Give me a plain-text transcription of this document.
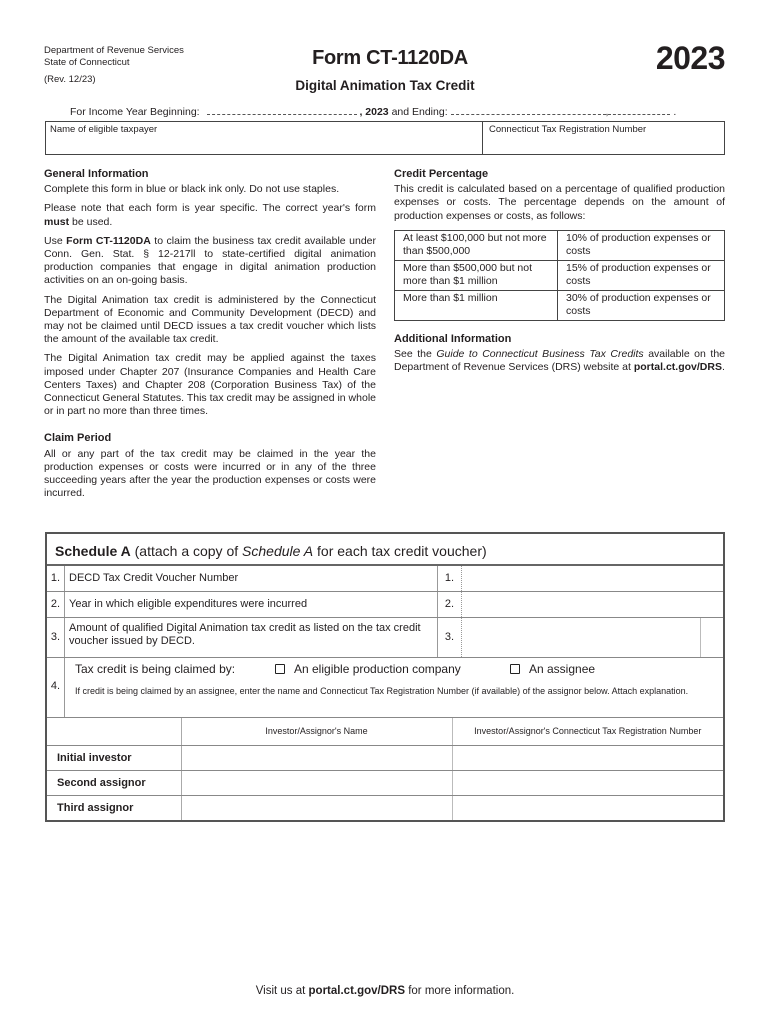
Department of Revenue Services
State of Connecticut
(Rev. 12/23)
Form CT-1120DA
Digital Animation Tax Credit
2023
For Income Year Beginning:	, 2023 and Ending:	,	.
Name of eligible taxpayer	Connecticut Tax Registration Number
General Information

Complete this form in blue or black ink only. Do not use staples.

Please note that each form is year specific. The correct year's form must be used.

Use Form CT-1120DA to claim the business tax credit available under Conn. Gen. Stat. § 12-217ll to state-certified digital animation production companies that engage in digital animation production activities on an on-going basis.

The Digital Animation tax credit is administered by the Connecticut Department of Economic and Community Development (DECD) and may not be claimed until DECD issues a tax credit voucher which lists the amount of the available tax credit.

The Digital Animation tax credit may be applied against the taxes imposed under Chapter 207 (Insurance Companies and Health Care Centers Taxes) and Chapter 208 (Corporation Business Tax) of the Connecticut General Statutes. This tax credit may be assigned in whole or in part no more than three times.

Claim Period

All or any part of the tax credit may be claimed in the year the production expenses or costs were incurred or in any of the three succeeding years after the year the production expenses or costs were incurred.

Credit Percentage

This credit is calculated based on a percentage of qualified production expenses or costs. The percentage depends on the amount of production expenses or costs, as follows:

At least $100,000 but not more than $500,000	10% of production expenses or costs
More than $500,000 but not more than $1 million	15% of production expenses or costs
More than $1 million	30% of production expenses or costs
Additional Information

See the Guide to Connecticut Business Tax Credits available on the Department of Revenue Services (DRS) website at portal.ct.gov/DRS.

Schedule A (attach a copy of Schedule A for each tax credit voucher)
1. DECD Tax Credit Voucher Number	1.
2. Year in which eligible expenditures were incurred	2.
3.
Amount of qualified Digital Animation tax credit as listed on the tax credit voucher issued by DECD.	3.
4.
Tax credit is being claimed by:	An eligible production company	An assignee
If credit is being claimed by an assignee, enter the name and Connecticut Tax Registration Number (if available) of the assignor below. Attach explanation.
	Investor/Assignor's Name	Investor/Assignor's Connecticut Tax Registration Number
Initial investor		
Second assignor		
Third assignor		
Visit us at portal.ct.gov/DRS for more information.
